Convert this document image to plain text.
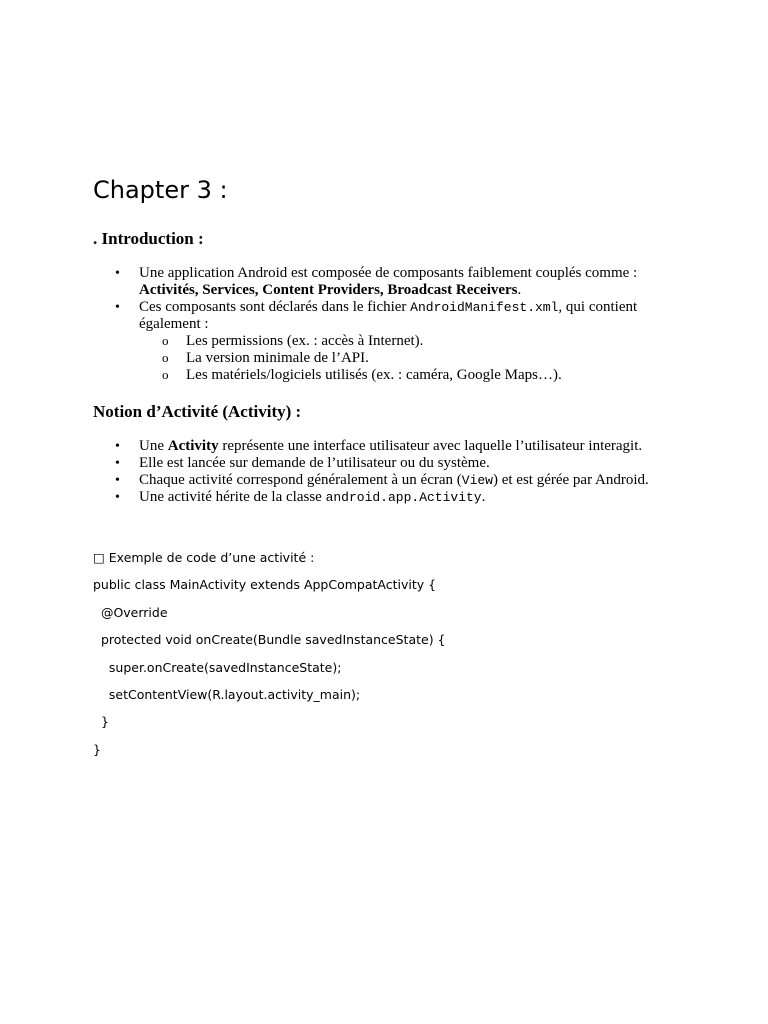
Chapter 3 :
. Introduction :
• Une application Android est composée de composants faiblement couplés comme :
Activités, Services, Content Providers, Broadcast Receivers.
• Ces composants sont déclarés dans le fichier AndroidManifest.xml, qui contient également :
o Les permissions (ex. : accès à Internet).
o La version minimale de l’API.
o Les matériels/logiciels utilisés (ex. : caméra, Google Maps…).
Notion d’Activité (Activity) :
• Une Activity représente une interface utilisateur avec laquelle l’utilisateur interagit.
• Elle est lancée sur demande de l’utilisateur ou du système.
• Chaque activité correspond généralement à un écran (View) et est gérée par Android.
• Une activité hérite de la classe android.app.Activity.

□ Exemple de code d’une activité :

public class MainActivity extends AppCompatActivity {

@Override

protected void onCreate(Bundle savedInstanceState) {

super.onCreate(savedInstanceState);

setContentView(R.layout.activity_main);

}

}
